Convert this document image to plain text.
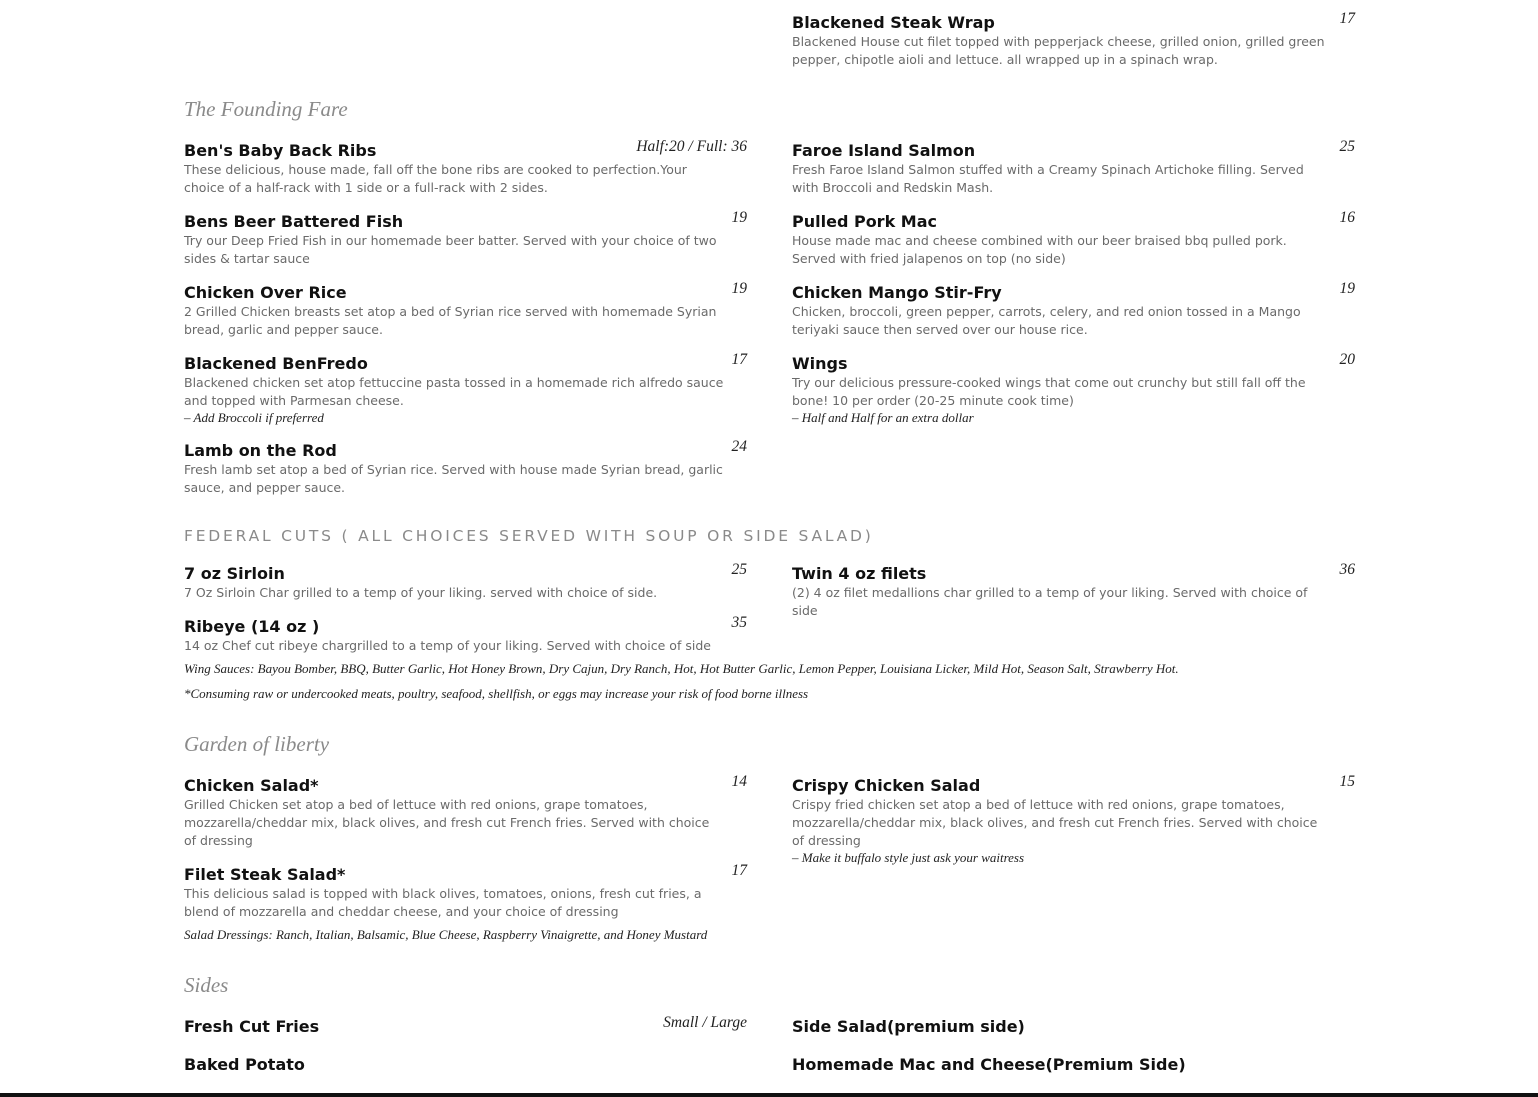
Blackened Steak Wrap	17
Blackened House cut filet topped with pepperjack cheese, grilled onion, grilled green pepper, chipotle aioli and lettuce. all wrapped up in a spinach wrap.
The Founding Fare
Ben's Baby Back Ribs	Half:20 / Full: 36
These delicious, house made, fall off the bone ribs are cooked to perfection.Your choice of a half-rack with 1 side or a full-rack with 2 sides.
Bens Beer Battered Fish	19
Try our Deep Fried Fish in our homemade beer batter. Served with your choice of two sides & tartar sauce
Chicken Over Rice	19
2 Grilled Chicken breasts set atop a bed of Syrian rice served with homemade Syrian bread, garlic and pepper sauce.
Blackened BenFredo	17
Blackened chicken set atop fettuccine pasta tossed in a homemade rich alfredo sauce and topped with Parmesan cheese.
– Add Broccoli if preferred
Lamb on the Rod	24
Fresh lamb set atop a bed of Syrian rice. Served with house made Syrian bread, garlic sauce, and pepper sauce.
Faroe Island Salmon	25
Fresh Faroe Island Salmon stuffed with a Creamy Spinach Artichoke filling. Served with Broccoli and Redskin Mash.
Pulled Pork Mac	16
House made mac and cheese combined with our beer braised bbq pulled pork. Served with fried jalapenos on top (no side)
Chicken Mango Stir-Fry	19
Chicken, broccoli, green pepper, carrots, celery, and red onion tossed in a Mango teriyaki sauce then served over our house rice.
Wings	20
Try our delicious pressure-cooked wings that come out crunchy but still fall off the bone! 10 per order (20-25 minute cook time)
– Half and Half for an extra dollar
FEDERAL CUTS ( ALL CHOICES SERVED WITH SOUP OR SIDE SALAD)
7 oz Sirloin	25
7 Oz Sirloin Char grilled to a temp of your liking. served with choice of side.
Ribeye (14 oz )	35
14 oz Chef cut ribeye chargrilled to a temp of your liking. Served with choice of side
Twin 4 oz filets	36
(2) 4 oz filet medallions char grilled to a temp of your liking. Served with choice of side
Wing Sauces: Bayou Bomber, BBQ, Butter Garlic, Hot Honey Brown, Dry Cajun, Dry Ranch, Hot, Hot Butter Garlic, Lemon Pepper, Louisiana Licker, Mild Hot, Season Salt, Strawberry Hot.
*Consuming raw or undercooked meats, poultry, seafood, shellfish, or eggs may increase your risk of food borne illness
Garden of liberty
Chicken Salad*	14
Grilled Chicken set atop a bed of lettuce with red onions, grape tomatoes, mozzarella/cheddar mix, black olives, and fresh cut French fries. Served with choice of dressing
Filet Steak Salad*	17
This delicious salad is topped with black olives, tomatoes, onions, fresh cut fries, a blend of mozzarella and cheddar cheese, and your choice of dressing
Crispy Chicken Salad	15
Crispy fried chicken set atop a bed of lettuce with red onions, grape tomatoes, mozzarella/cheddar mix, black olives, and fresh cut French fries. Served with choice of dressing
– Make it buffalo style just ask your waitress
Salad Dressings: Ranch, Italian, Balsamic, Blue Cheese, Raspberry Vinaigrette, and Honey Mustard
Sides
Fresh Cut Fries	Small / Large
Baked Potato
Side Salad(premium side)
Homemade Mac and Cheese(Premium Side)
